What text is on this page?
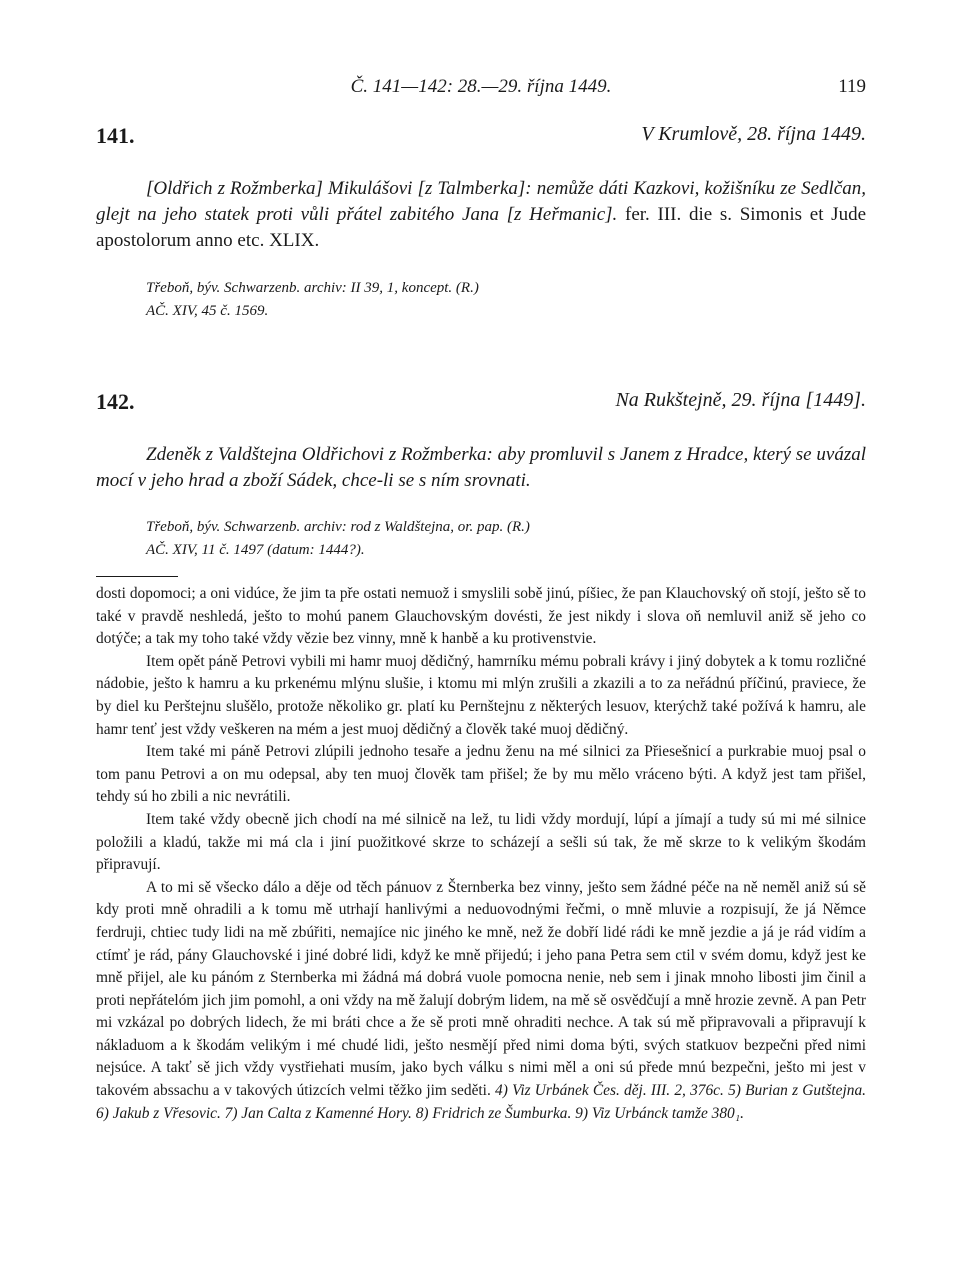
Č. 141—142: 28.—29. října 1449.	119
141.	V Krumlově, 28. října 1449.
[Oldřich z Rožmberka] Mikulášovi [z Talmberka]: nemůže dáti Kazkovi, kožišníku ze Sedlčan, glejt na jeho statek proti vůli přátel zabitého Jana [z Heřmanic]. fer. III. die s. Simonis et Jude apostolorum anno etc. XLIX.
Třeboň, býv. Schwarzenb. archiv: II 39, 1, koncept. (R.)
AČ. XIV, 45 č. 1569.
142.	Na Rukštejně, 29. října [1449].
Zdeněk z Valdštejna Oldřichovi z Rožmberka: aby promluvil s Janem z Hradce, který se uvázal mocí v jeho hrad a zboží Sádek, chce-li se s ním srovnati.
Třeboň, býv. Schwarzenb. archiv: rod z Waldštejna, or. pap. (R.)
AČ. XIV, 11 č. 1497 (datum: 1444?).

dosti dopomoci; a oni vidúce, že jim ta pře ostati nemuož i smyslili sobě jinú, píšiec, že pan Klauchovský oň stojí, ješto sě to také v pravdě neshledá, ješto to mohú panem Glauchovským dovésti, že jest nikdy i slova oň nemluvil aniž sě jeho co dotýče; a tak my toho také vždy vězie bez vinny, mně k hanbě a ku protivenstvie.

Item opět páně Petrovi vybili mi hamr muoj dědičný, hamrníku mému pobrali krávy i jiný dobytek a k tomu rozličné nádobie, ješto k hamru a ku prkenému mlýnu slušie, i ktomu mi mlýn zrušili a zkazili a to za neřádnú příčinú, praviece, že by diel ku Perštejnu slušělo, protože několiko gr. platí ku Pernštejnu z některých lesuov, kterýchž také požívá k hamru, ale hamr tenť jest vždy veškeren na mém a jest muoj dědičný a člověk také muoj dědičný.

Item také mi páně Petrovi zlúpili jednoho tesaře a jednu ženu na mé silnici za Přiesešnicí a purkrabie muoj psal o tom panu Petrovi a on mu odepsal, aby ten muoj člověk tam přišel; že by mu mělo vráceno býti. A když jest tam přišel, tehdy sú ho zbili a nic nevrátili.

Item také vždy obecně jich chodí na mé silnicě na lež, tu lidi vždy mordují, lúpí a jímají a tudy sú mi mé silnice položili a kladú, takže mi má cla i jiní puožitkové skrze to scházejí a sešli sú tak, že mě skrze to k velikým škodám připravují.

A to mi sě všecko dálo a děje od těch pánuov z Šternberka bez vinny, ješto sem žádné péče na ně neměl aniž sú sě kdy proti mně ohradili a k tomu mě utrhají hanlivými a neduovodnými řečmi, o mně mluvie a rozpisují, že já Němce ferdruji, chtiec tudy lidi na mě zbúřiti, nemajíce nic jiného ke mně, než že dobří lidé rádi ke mně jezdie a já je rád vidím a ctímť je rád, pány Glauchovské i jiné dobré lidi, když ke mně přijedú; i jeho pana Petra sem ctil v svém domu, když jest ke mně přijel, ale ku pánóm z Sternberka mi žádná má dobrá vuole pomocna nenie, neb sem i jinak mnoho libosti jim činil a proti nepřátelóm jich jim pomohl, a oni vždy na mě žalují dobrým lidem, na mě sě osvědčují a mně hrozie zevně. A pan Petr mi vzkázal po dobrých lidech, že mi bráti chce a že sě proti mně ohraditi nechce. A tak sú mě připravovali a připravují k nákladuom a k škodám velikým i mé chudé lidi, ješto nesmějí před nimi doma býti, svých statkuov bezpečni před nimi nejsúce. A takť sě jich vždy vystřiehati musím, jako bych válku s nimi měl a oni sú přede mnú bezpečni, ješto mi jest v takovém abssachu a v takových útizcích velmi těžko jim seděti. 4) Viz Urbánek Čes. děj. III. 2, 376c. 5) Burian z Gutštejna. 6) Jakub z Vřesovic. 7) Jan Calta z Kamenné Hory. 8) Fridrich ze Šumburka. 9) Viz Urbánck tamže 380₁.
